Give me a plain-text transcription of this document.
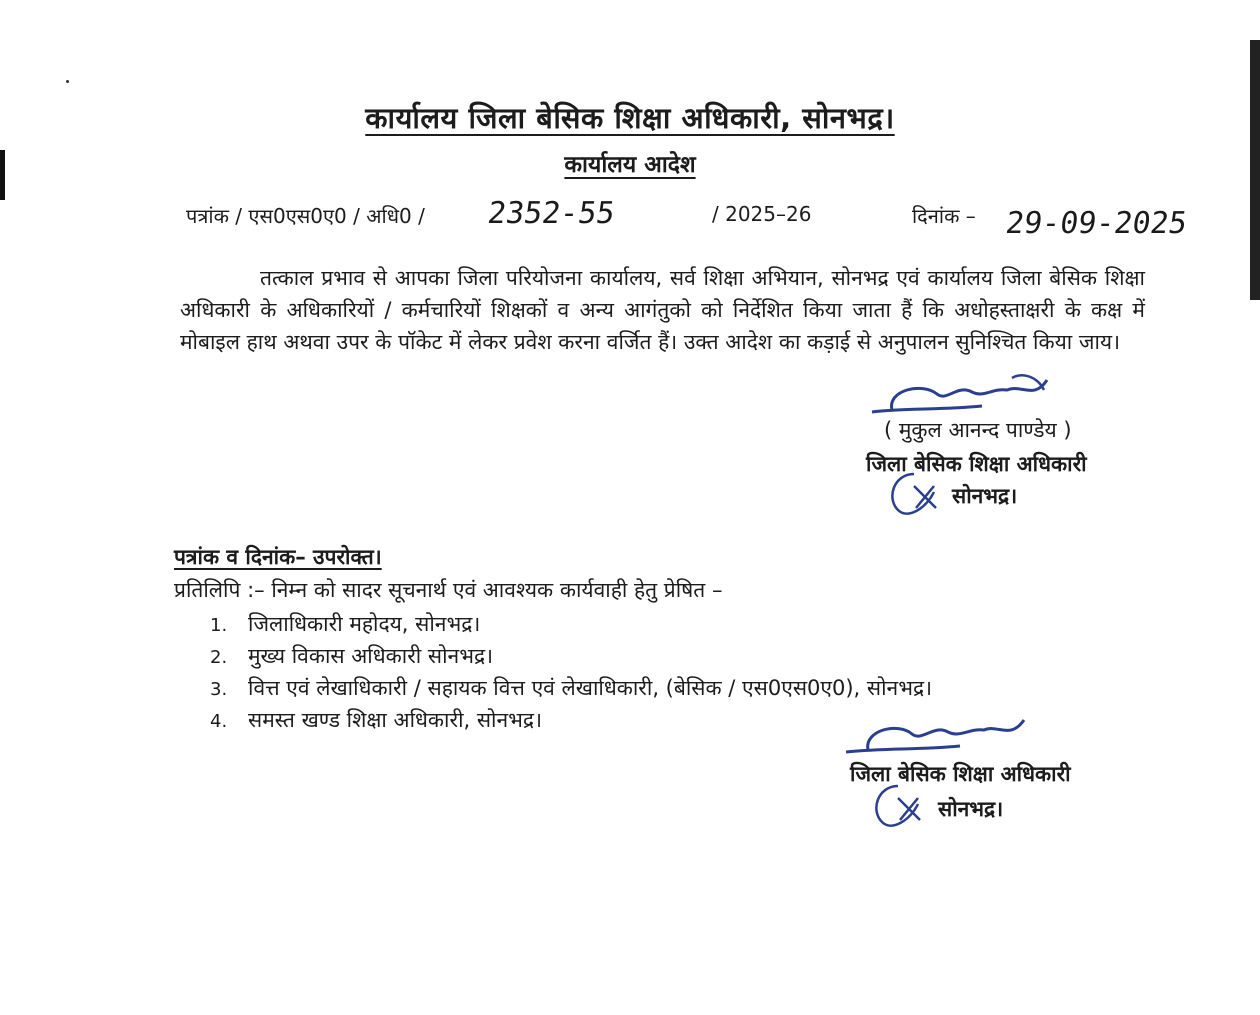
कार्यालय जिला बेसिक शिक्षा अधिकारी, सोनभद्र।
कार्यालय आदेश
पत्रांक / एस0एस0ए0 / अधि0 / 2352-55	/ 2025–26	दिनांक – 29-09-2025
तत्काल प्रभाव से आपका जिला परियोजना कार्यालय, सर्व शिक्षा अभियान, सोनभद्र एवं कार्यालय जिला बेसिक शिक्षा अधिकारी के अधिकारियों / कर्मचारियों शिक्षकों व अन्य आगंतुको को निर्देशित किया जाता हैं कि अधोहस्ताक्षरी के कक्ष में मोबाइल हाथ अथवा उपर के पॉकेट में लेकर प्रवेश करना वर्जित हैं। उक्त आदेश का कड़ाई से अनुपालन सुनिश्चित किया जाय।
( मुकुल आनन्द पाण्डेय )
जिला बेसिक शिक्षा अधिकारी
सोनभद्र।
पत्रांक व दिनांक– उपरोक्त।
प्रतिलिपि :– निम्न को सादर सूचनार्थ एवं आवश्यक कार्यवाही हेतु प्रेषित –
1. जिलाधिकारी महोदय, सोनभद्र।
2. मुख्य विकास अधिकारी सोनभद्र।
3. वित्त एवं लेखाधिकारी / सहायक वित्त एवं लेखाधिकारी, (बेसिक / एस0एस0ए0), सोनभद्र।
4. समस्त खण्ड शिक्षा अधिकारी, सोनभद्र।
जिला बेसिक शिक्षा अधिकारी
सोनभद्र।
